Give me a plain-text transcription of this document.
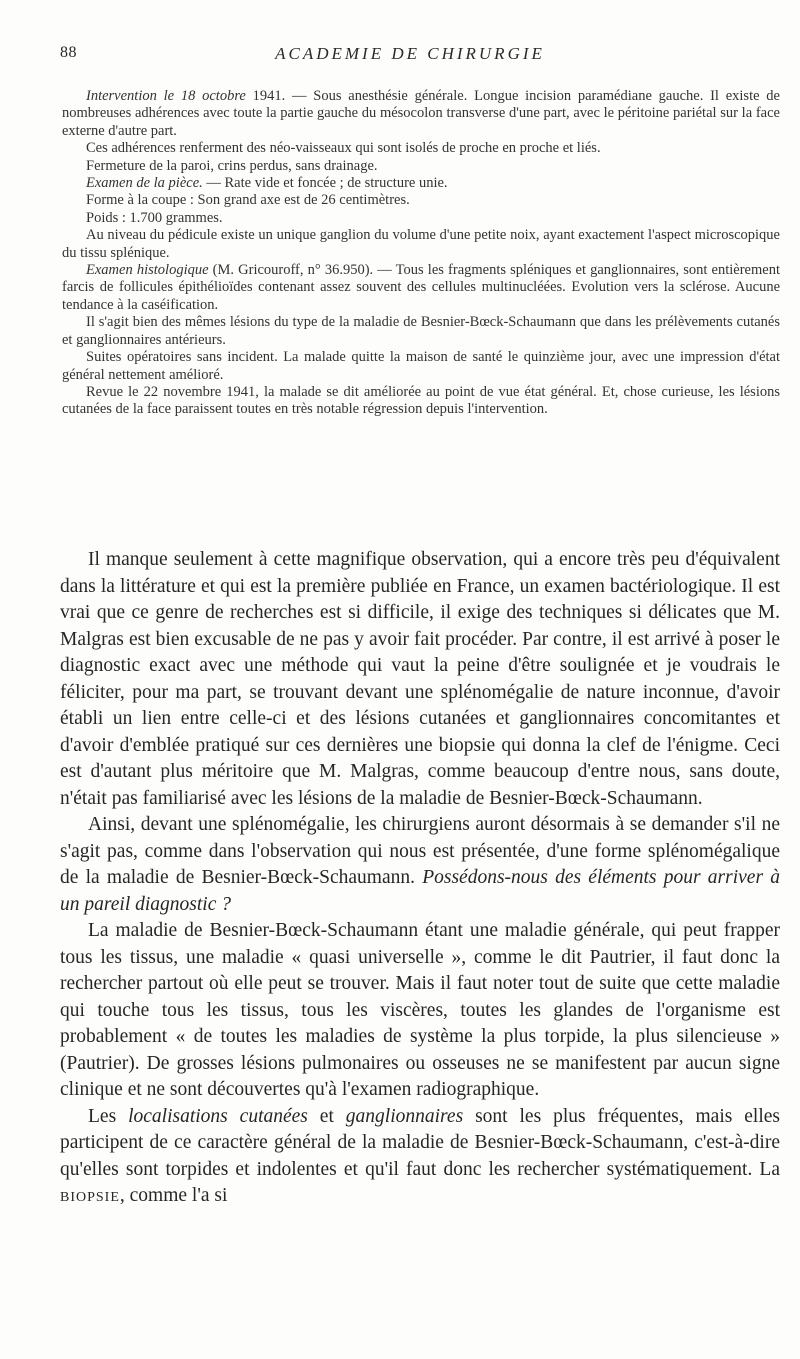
88	ACADEMIE DE CHIRURGIE

Intervention le 18 octobre 1941. — Sous anesthésie générale. Longue incision paramédiane gauche. Il existe de nombreuses adhérences avec toute la partie gauche du mésocolon transverse d'une part, avec le péritoine pariétal sur la face externe d'autre part.

Ces adhérences renferment des néo-vaisseaux qui sont isolés de proche en proche et liés.

Fermeture de la paroi, crins perdus, sans drainage.

Examen de la pièce. — Rate vide et foncée ; de structure unie.

Forme à la coupe : Son grand axe est de 26 centimètres.

Poids : 1.700 grammes.

Au niveau du pédicule existe un unique ganglion du volume d'une petite noix, ayant exactement l'aspect microscopique du tissu splénique.

Examen histologique (M. Gricouroff, n° 36.950). — Tous les fragments spléniques et ganglionnaires, sont entièrement farcis de follicules épithélioïdes contenant assez souvent des cellules multinucléées. Evolution vers la sclérose. Aucune tendance à la caséification.

Il s'agit bien des mêmes lésions du type de la maladie de Besnier-Bœck-Schaumann que dans les prélèvements cutanés et ganglionnaires antérieurs.

Suites opératoires sans incident. La malade quitte la maison de santé le quinzième jour, avec une impression d'état général nettement amélioré.

Revue le 22 novembre 1941, la malade se dit améliorée au point de vue état général. Et, chose curieuse, les lésions cutanées de la face paraissent toutes en très notable régression depuis l'intervention.

Il manque seulement à cette magnifique observation, qui a encore très peu d'équivalent dans la littérature et qui est la première publiée en France, un examen bactériologique. Il est vrai que ce genre de recherches est si difficile, il exige des techniques si délicates que M. Malgras est bien excusable de ne pas y avoir fait procéder. Par contre, il est arrivé à poser le diagnostic exact avec une méthode qui vaut la peine d'être soulignée et je voudrais le féliciter, pour ma part, se trouvant devant une splénomégalie de nature inconnue, d'avoir établi un lien entre celle-ci et des lésions cutanées et ganglionnaires concomitantes et d'avoir d'emblée pratiqué sur ces dernières une biopsie qui donna la clef de l'énigme. Ceci est d'autant plus méritoire que M. Malgras, comme beaucoup d'entre nous, sans doute, n'était pas familiarisé avec les lésions de la maladie de Besnier-Bœck-Schaumann.

Ainsi, devant une splénomégalie, les chirurgiens auront désormais à se demander s'il ne s'agit pas, comme dans l'observation qui nous est présentée, d'une forme splénomégalique de la maladie de Besnier-Bœck-Schaumann. Possédons-nous des éléments pour arriver à un pareil diagnostic ?

La maladie de Besnier-Bœck-Schaumann étant une maladie générale, qui peut frapper tous les tissus, une maladie « quasi universelle », comme le dit Pautrier, il faut donc la rechercher partout où elle peut se trouver. Mais il faut noter tout de suite que cette maladie qui touche tous les tissus, tous les viscères, toutes les glandes de l'organisme est probablement « de toutes les maladies de système la plus torpide, la plus silencieuse » (Pautrier). De grosses lésions pulmonaires ou osseuses ne se manifestent par aucun signe clinique et ne sont découvertes qu'à l'examen radiographique.

Les localisations cutanées et ganglionnaires sont les plus fréquentes, mais elles participent de ce caractère général de la maladie de Besnier-Bœck-Schaumann, c'est-à-dire qu'elles sont torpides et indolentes et qu'il faut donc les rechercher systématiquement. La biopsie, comme l'a si
